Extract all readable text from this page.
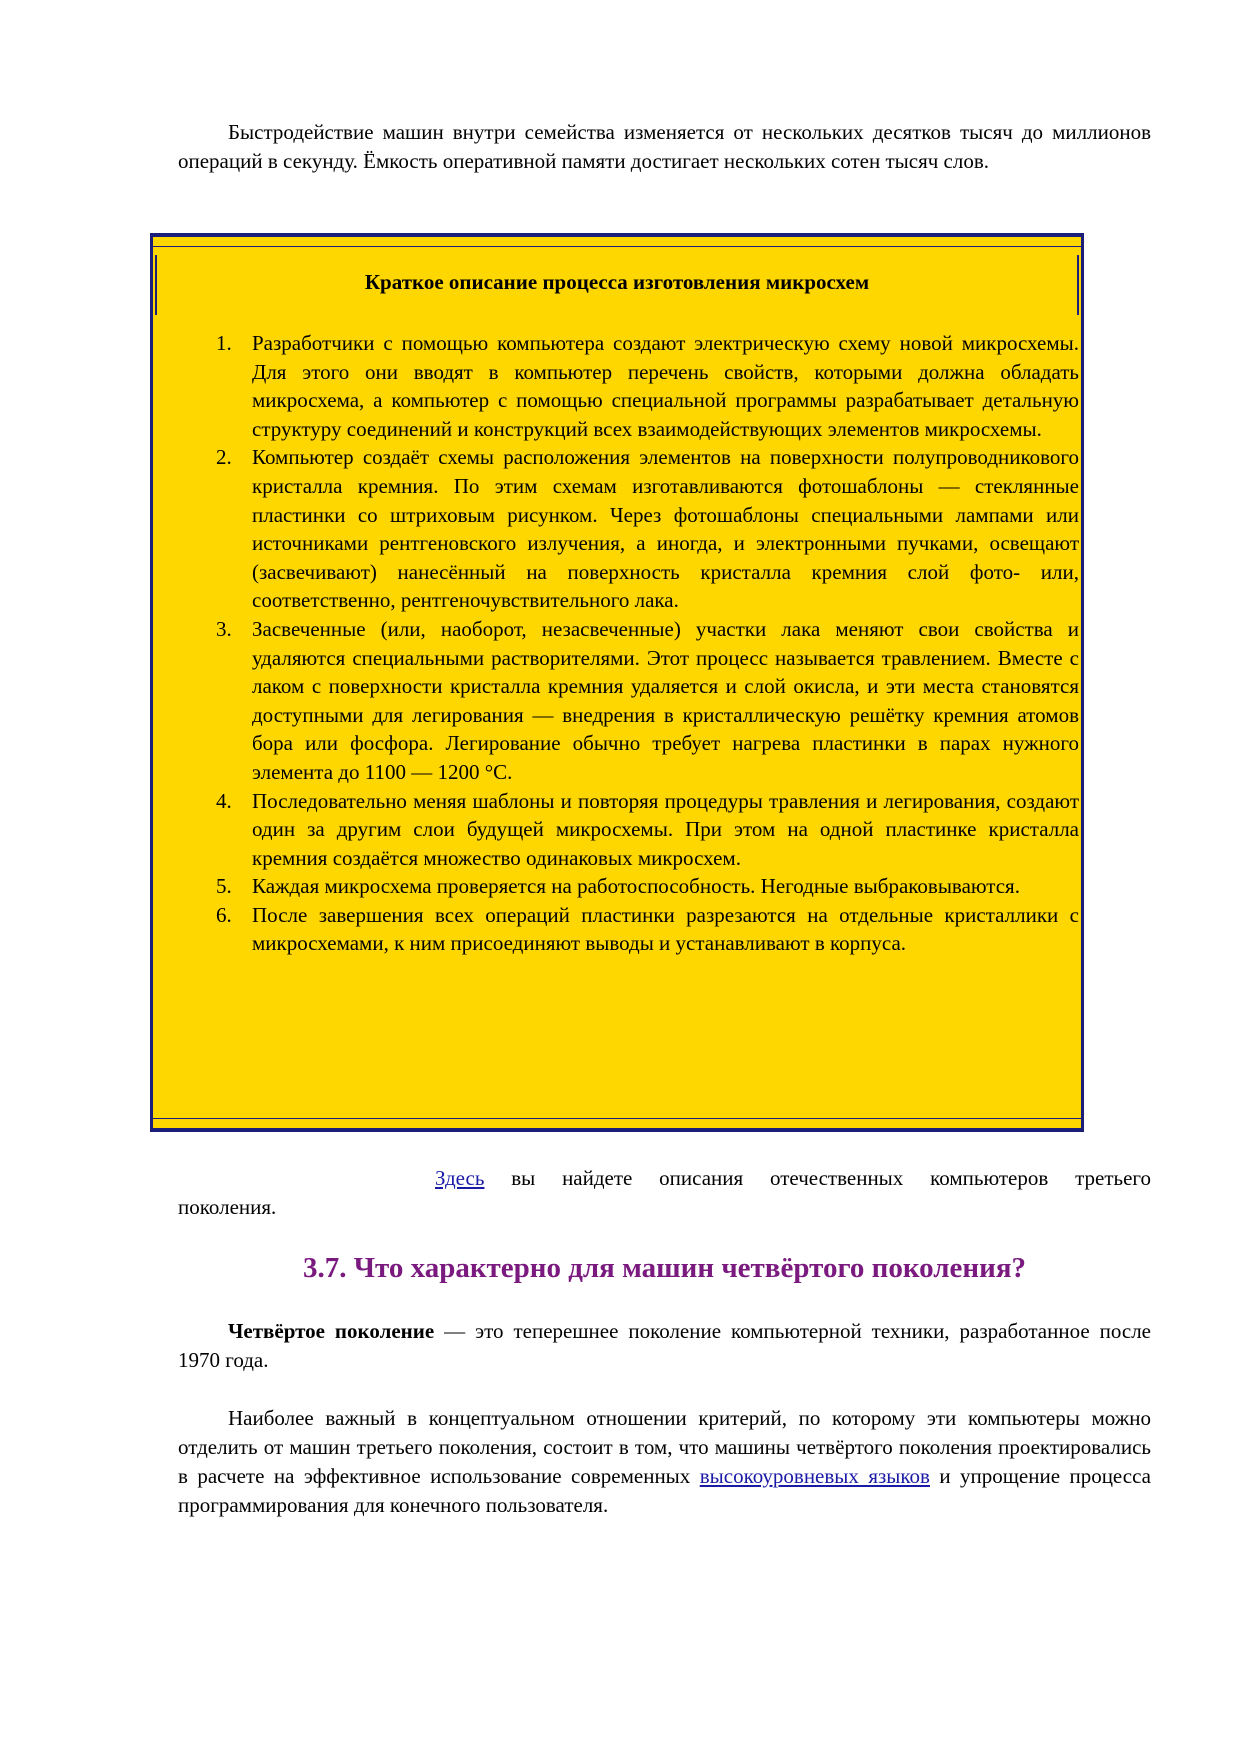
Быстродействие машин внутри семейства изменяется от нескольких десятков тысяч до миллионов операций в секунду. Ёмкость оперативной памяти достигает нескольких сотен тысяч слов.

Краткое описание процесса изготовления микросхем
1. Разработчики с помощью компьютера создают электрическую схему новой микросхемы. Для этого они вводят в компьютер перечень свойств, которыми должна обладать микросхема, а компьютер с помощью специальной программы разрабатывает детальную структуру соединений и конструкций всех взаимодействующих элементов микросхемы.
2. Компьютер создаёт схемы расположения элементов на поверхности полупроводникового кристалла кремния. По этим схемам изготавливаются фотошаблоны — стеклянные пластинки со штриховым рисунком. Через фотошаблоны специальными лампами или источниками рентгеновского излучения, а иногда, и электронными пучками, освещают (засвечивают) нанесённый на поверхность кристалла кремния слой фото- или, соответственно, рентгеночувствительного лака.
3. Засвеченные (или, наоборот, незасвеченные) участки лака меняют свои свойства и удаляются специальными растворителями. Этот процесс называется травлением. Вместе с лаком с поверхности кристалла кремния удаляется и слой окисла, и эти места становятся доступными для легирования — внедрения в кристаллическую решётку кремния атомов бора или фосфора. Легирование обычно требует нагрева пластинки в парах нужного элемента до 1100 — 1200 °С.
4. Последовательно меняя шаблоны и повторяя процедуры травления и легирования, создают один за другим слои будущей микросхемы. При этом на одной пластинке кристалла кремния создаётся множество одинаковых микросхем.
5. Каждая микросхема проверяется на работоспособность. Негодные выбраковываются.
6. После завершения всех операций пластинки разрезаются на отдельные кристаллики с микросхемами, к ним присоединяют выводы и устанавливают в корпуса.

Здесь вы найдете описания отечественных компьютеров третьего

поколения.

3.7. Что характерно для машин четвёртого поколения?

Четвёртое поколение — это теперешнее поколение компьютерной техники, разработанное после 1970 года.

Наиболее важный в концептуальном отношении критерий, по которому эти компьютеры можно отделить от машин третьего поколения, состоит в том, что машины четвёртого поколения проектировались в расчете на эффективное использование современных высокоуровневых языков и упрощение процесса программирования для конечного пользователя.
